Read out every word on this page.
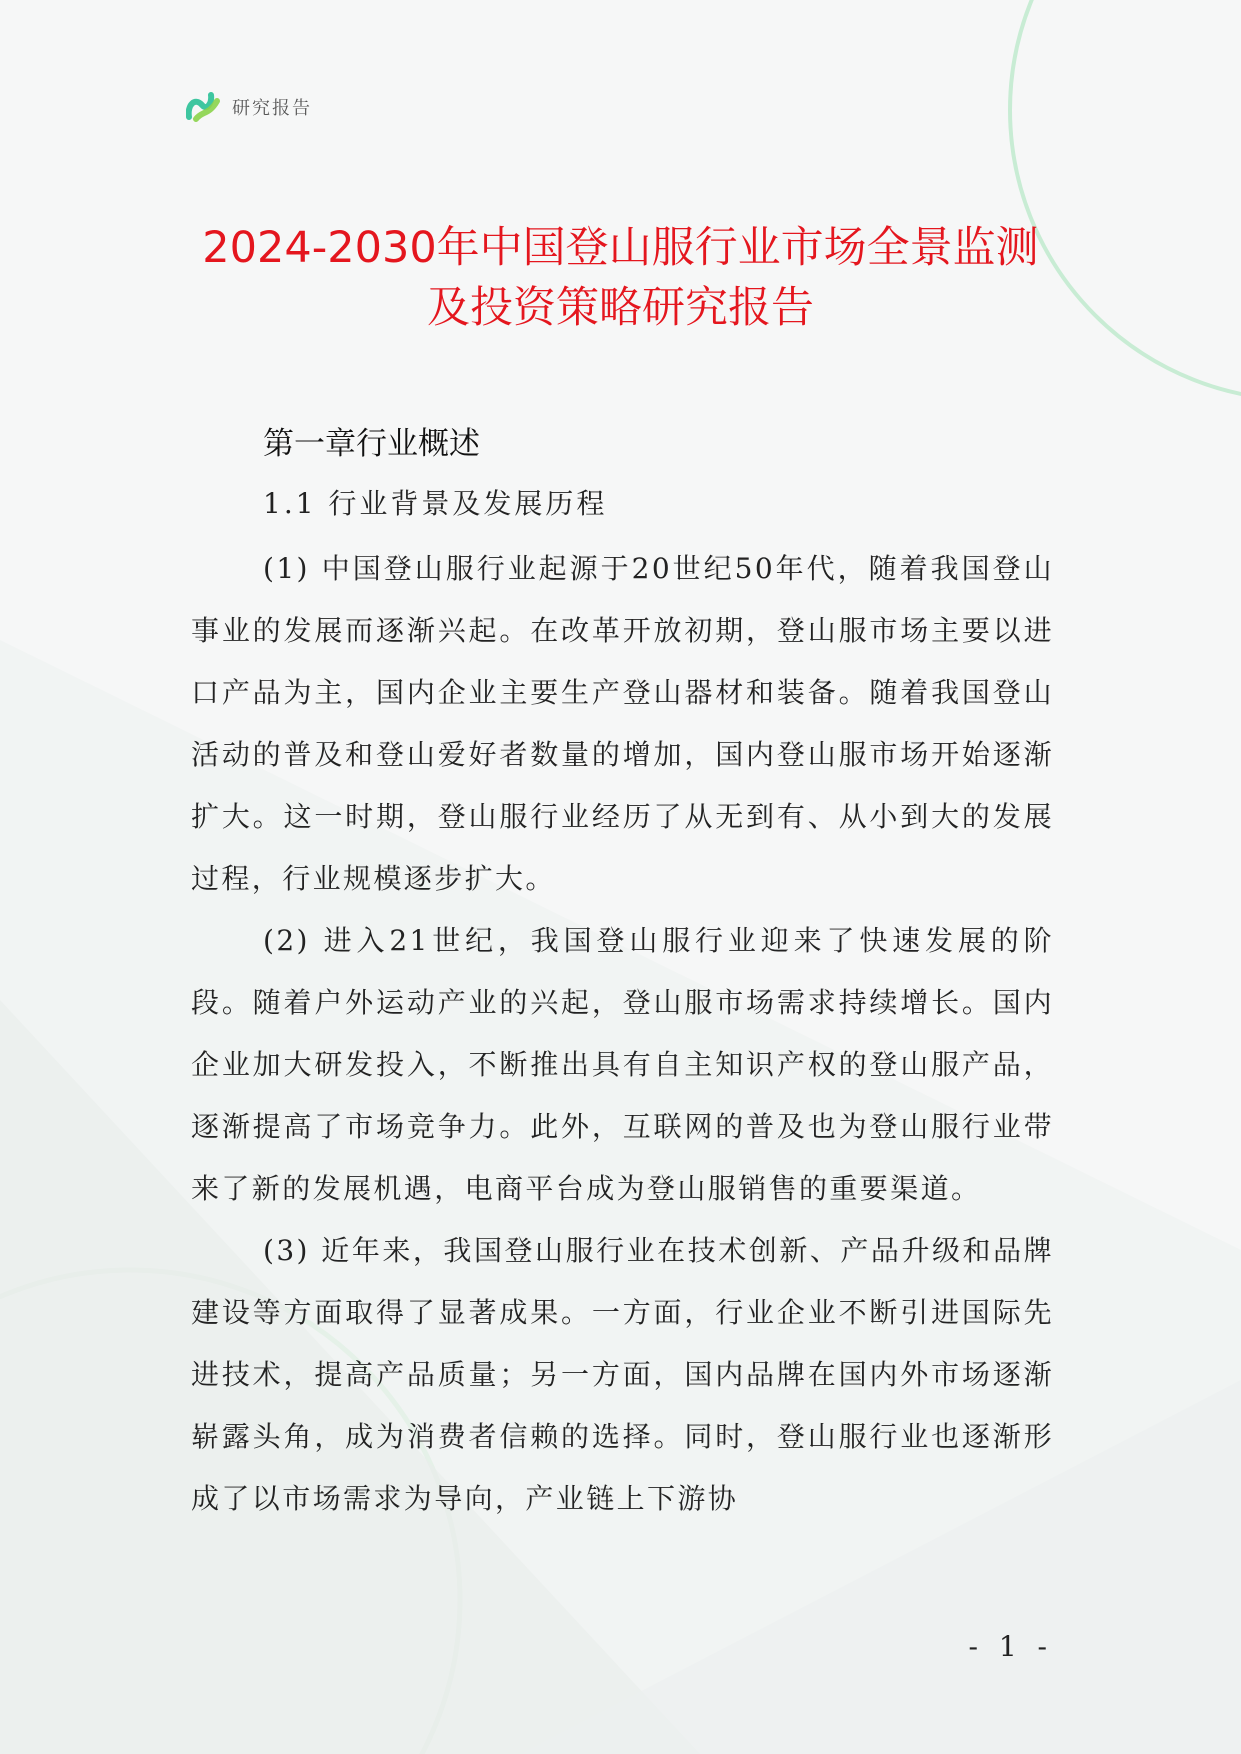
研究报告
2024-2030年中国登山服行业市场全景监测
及投资策略研究报告
第一章行业概述
1.1 行业背景及发展历程

(1) 中国登山服行业起源于20世纪50年代，随着我国登山事业的发展而逐渐兴起。在改革开放初期，登山服市场主要以进口产品为主，国内企业主要生产登山器材和装备。随着我国登山活动的普及和登山爱好者数量的增加，国内登山服市场开始逐渐扩大。这一时期，登山服行业经历了从无到有、从小到大的发展过程，行业规模逐步扩大。

(2) 进入21世纪，我国登山服行业迎来了快速发展的阶段。随着户外运动产业的兴起，登山服市场需求持续增长。国内企业加大研发投入，不断推出具有自主知识产权的登山服产品，逐渐提高了市场竞争力。此外，互联网的普及也为登山服行业带来了新的发展机遇，电商平台成为登山服销售的重要渠道。

(3) 近年来，我国登山服行业在技术创新、产品升级和品牌建设等方面取得了显著成果。一方面，行业企业不断引进国际先进技术，提高产品质量；另一方面，国内品牌在国内外市场逐渐崭露头角，成为消费者信赖的选择。同时，登山服行业也逐渐形成了以市场需求为导向，产业链上下游协

- 1 -
